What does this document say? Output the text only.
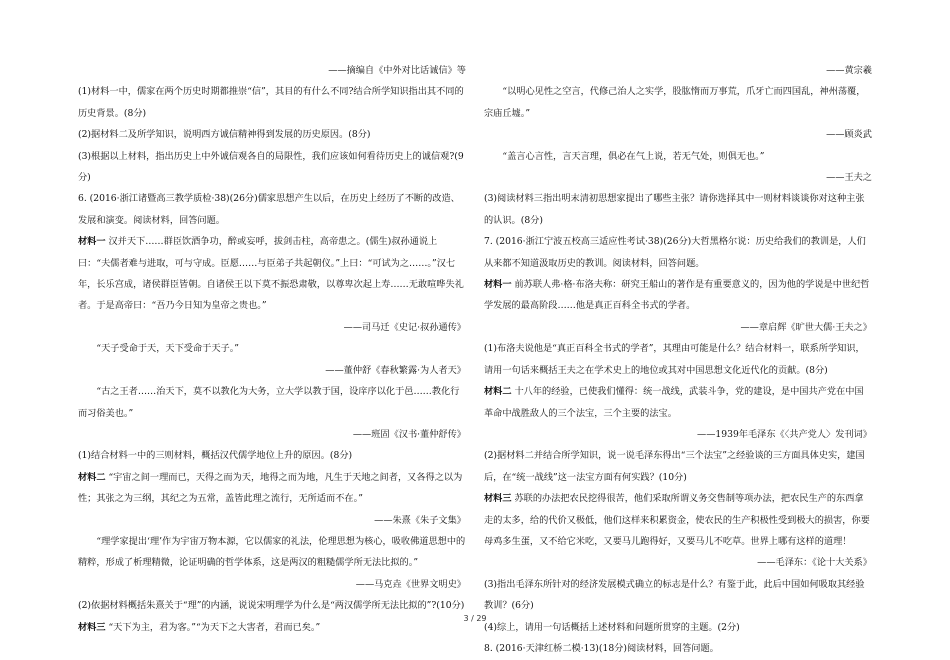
——摘编自《中外对比话诚信》等

(1)材料一中，儒家在两个历史时期都推崇“信”，其目的有什么不同?结合所学知识指出其不同的历史背景。(8分)

(2)据材料二及所学知识，说明西方诚信精神得到发展的历史原因。(8分)

(3)根据以上材料，指出历史上中外诚信观各自的局限性，我们应该如何看待历史上的诚信观?(9分)

6. (2016·浙江诸暨高三教学质检·38)(26分)儒家思想产生以后，在历史上经历了不断的改造、发展和演变。阅读材料，回答问题。

材料一 汉并天下……群臣饮酒争功，醉或妄呼，拔剑击柱，高帝患之。(儒生)叔孙通说上曰：“夫儒者难与进取，可与守成。臣愿……与臣弟子共起朝仪。”上曰：“可试为之……。”汉七年，长乐宫成，诸侯群臣皆朝。自诸侯王以下莫不振恐肃敬，以尊卑次起上寿……无敢喧哗失礼者。于是高帝曰：“吾乃今日知为皇帝之贵也。”

——司马迁《史记·叔孙通传》

“天子受命于天，天下受命于天子。”

——董仲舒《春秋繁露·为人者天》

“古之王者……治天下，莫不以教化为大务，立大学以教于国，设庠序以化于邑……教化行而习俗美也。”

——班固《汉书·董仲舒传》

(1)结合材料一中的三则材料，概括汉代儒学地位上升的原因。(8分)

材料二 “宇宙之间一理而已，天得之而为天，地得之而为地，凡生于天地之间者，又各得之以为性；其张之为三纲，其纪之为五常，盖皆此理之流行，无所适而不在。”

——朱熹《朱子文集》

“理学家提出‘理’作为宇宙万物本源，它以儒家的礼法，伦理思想为核心，吸收佛道思想中的精粹，形成了析理精微，论证明确的哲学体系，这是两汉的粗糙儒学所无法比拟的。”

——马克垚《世界文明史》

(2)依据材料概括朱熹关于“理”的内涵，说说宋明理学为什么是“两汉儒学所无法比拟的”?(10分)

材料三 “天下为主，君为客。”“为天下之大害者，君而已矣。”

——黄宗羲

“以明心见性之空言，代修己治人之实学，股肱惰而万事荒，爪牙亡而四国乱，神州荡覆，宗庙丘墟。”

——顾炎武

“盖言心言性，言天言理，俱必在气上说，若无气处，则俱无也。”

——王夫之

(3)阅读材料三指出明末清初思想家提出了哪些主张？请你选择其中一则材料谈谈你对这种主张的认识。(8分)

7. (2016·浙江宁波五校高三适应性考试·38)(26分)大哲黑格尔说：历史给我们的教训是，人们从来都不知道汲取历史的教训。阅读材料，回答问题。

材料一 前苏联人弗·格·布洛夫称：研究王船山的著作是有重要意义的，因为他的学说是中世纪哲学发展的最高阶段……他是真正百科全书式的学者。

——章启辉《旷世大儒·王夫之》

(1)布洛夫说他是“真正百科全书式的学者”，其理由可能是什么？结合材料一，联系所学知识，请用一句话来概括王夫之在学术史上的地位或其对中国思想文化近代化的贡献。(8分)

材料二 十八年的经验，已使我们懂得：统一战线，武装斗争，党的建设，是中国共产党在中国革命中战胜敌人的三个法宝，三个主要的法宝。

——1939年毛泽东《〈共产党人〉发刊词》

(2)据材料二并结合所学知识，说一说毛泽东得出“三个法宝”之经验谈的三方面具体史实，建国后，在“统一战线”这一法宝方面有何实践？(10分)

材料三 苏联的办法把农民挖得很苦，他们采取所谓义务交售制等项办法，把农民生产的东西拿走的太多，给的代价又极低，他们这样来积累资金，使农民的生产积极性受到极大的损害，你要母鸡多生蛋，又不给它米吃，又要马儿跑得好，又要马儿不吃草。世界上哪有这样的道理！

——毛泽东：《论十大关系》

(3)指出毛泽东所针对的经济发展模式确立的标志是什么？有鉴于此，此后中国如何吸取其经验教训？(6分)

(4)综上，请用一句话概括上述材料和问题所贯穿的主题。(2分)

8. (2016·天津红桥二模·13)(18分)阅读材料，回答问题。

3 / 29
